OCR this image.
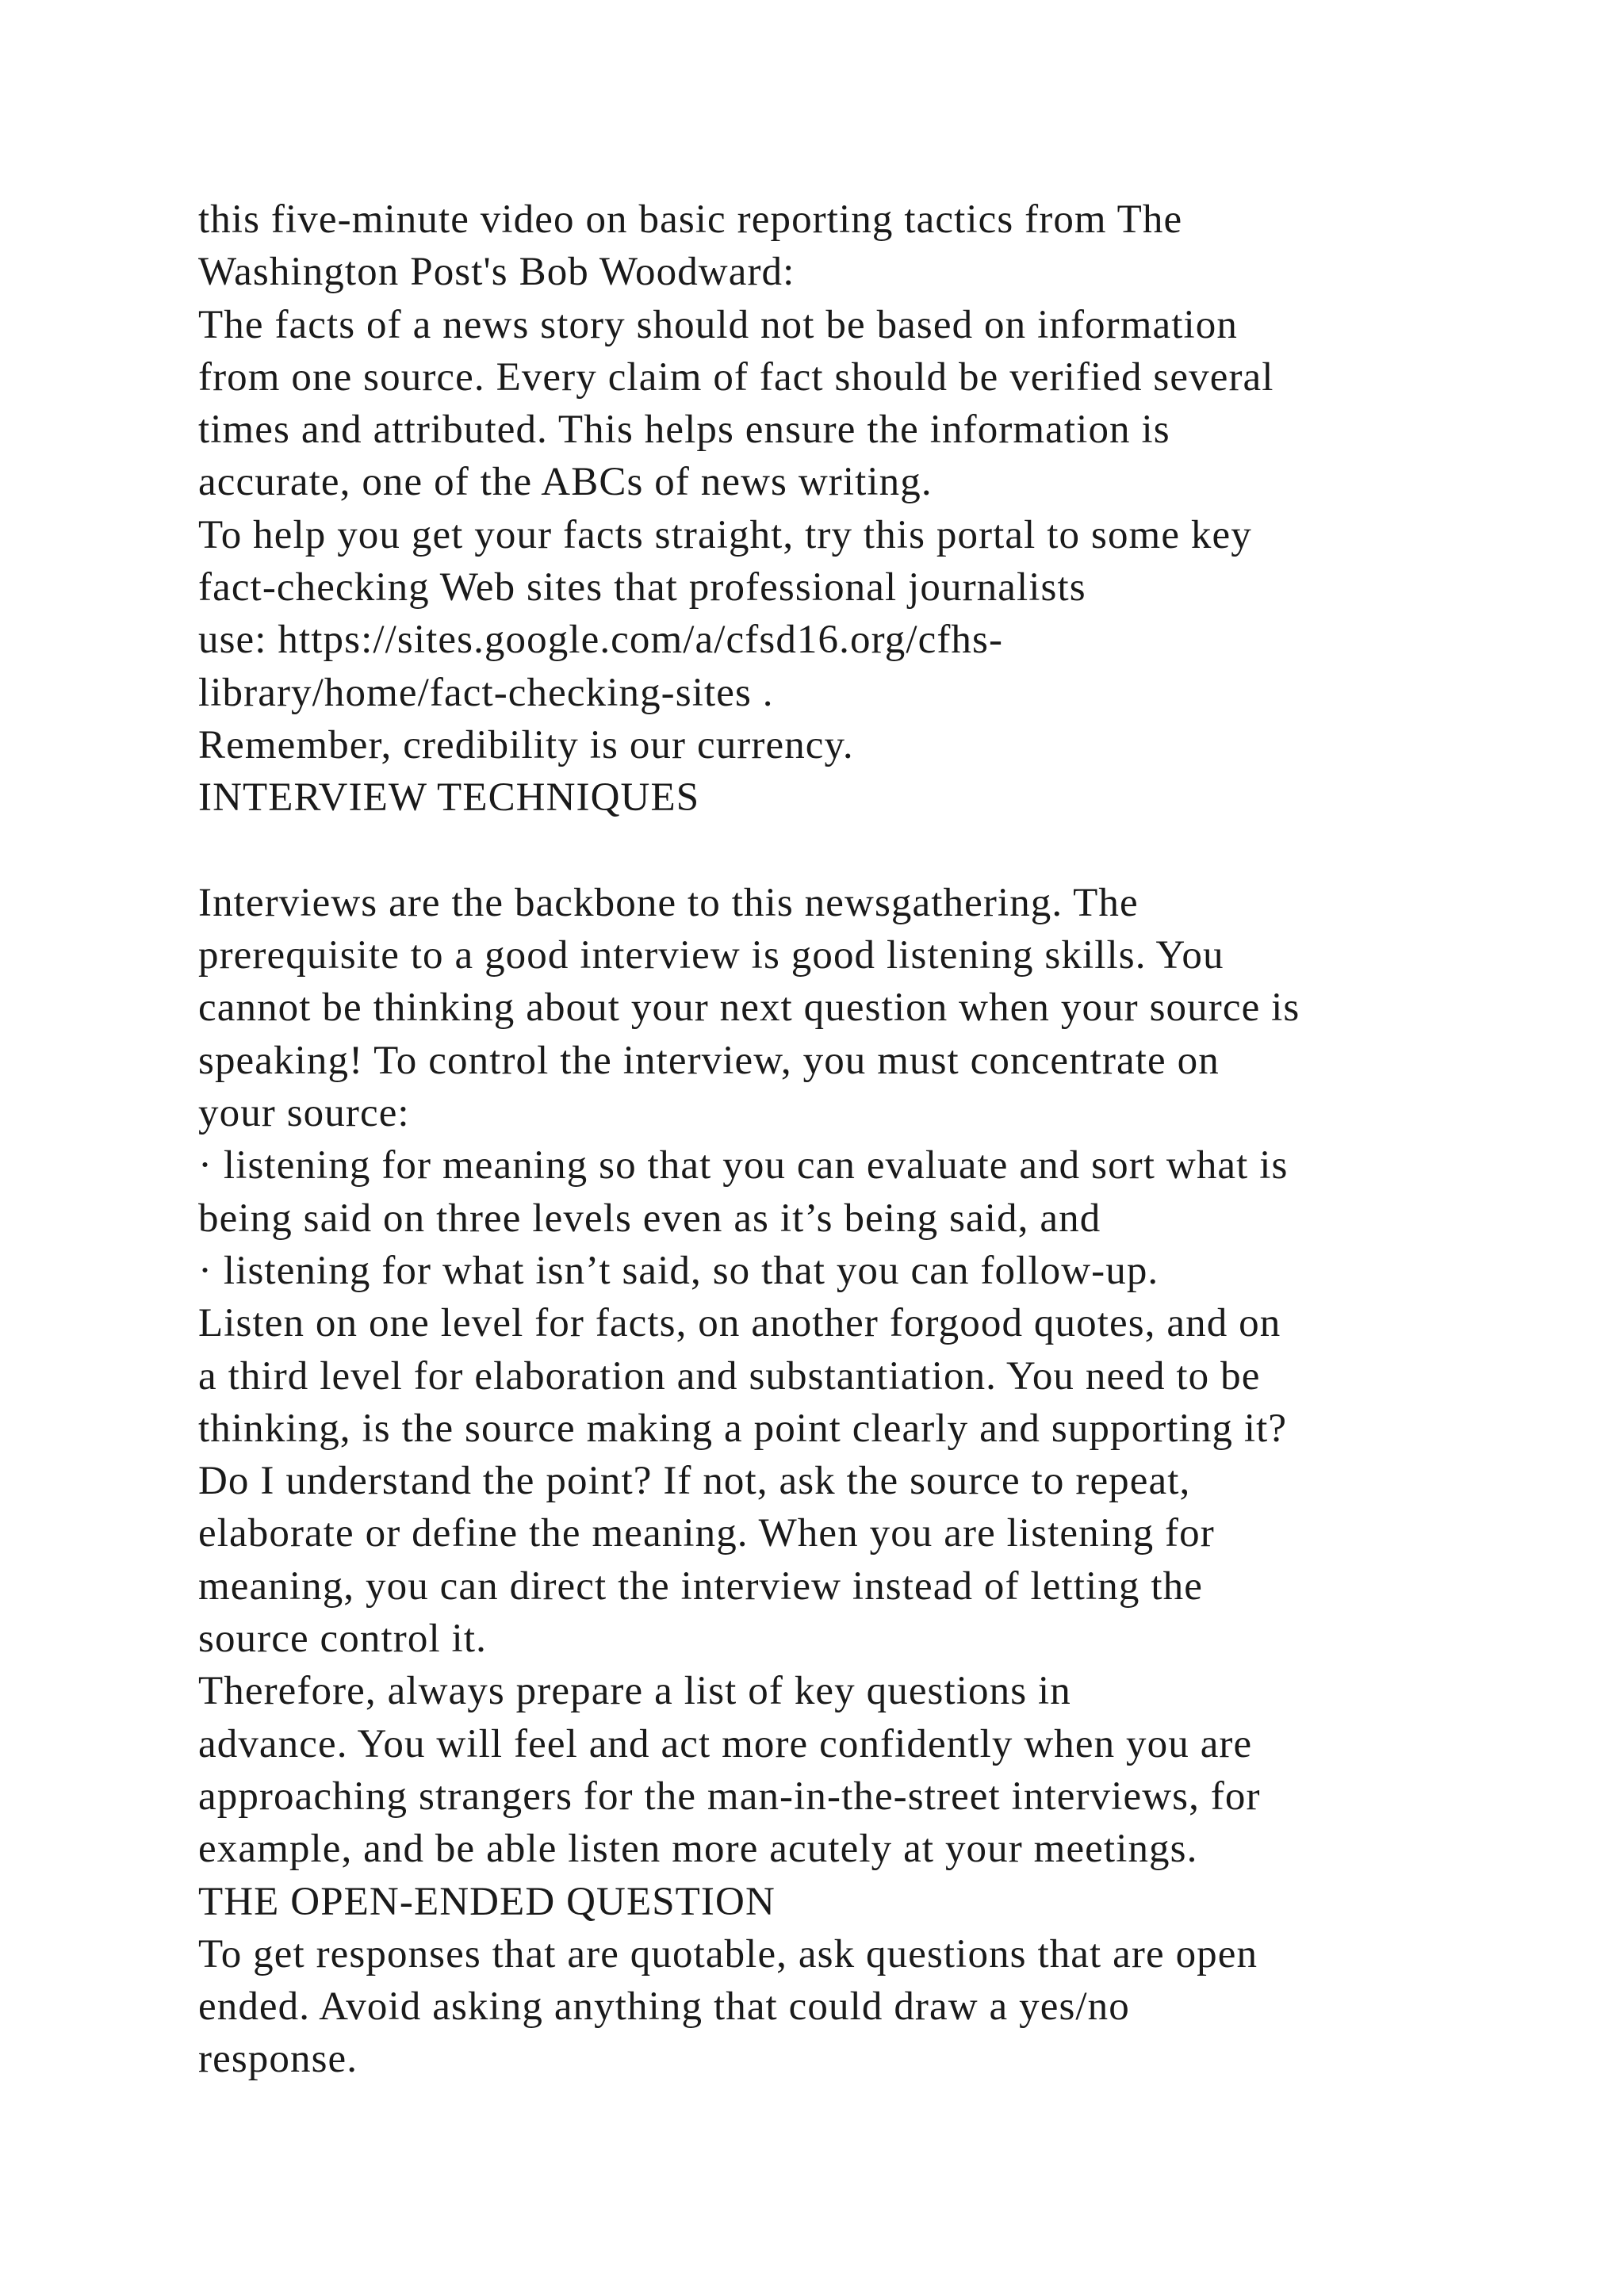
this five-minute video on basic reporting tactics from The
Washington Post's Bob Woodward:
The facts of a news story should not be based on information
from one source. Every claim of fact should be verified several
times and attributed. This helps ensure the information is
accurate, one of the ABCs of news writing.
To help you get your facts straight, try this portal to some key
fact-checking Web sites that professional journalists
use: https://sites.google.com/a/cfsd16.org/cfhs-
library/home/fact-checking-sites .
Remember, credibility is our currency.
INTERVIEW TECHNIQUES
Interviews are the backbone to this newsgathering. The
prerequisite to a good interview is good listening skills. You
cannot be thinking about your next question when your source is
speaking! To control the interview, you must concentrate on
your source:
· listening for meaning so that you can evaluate and sort what is
being said on three levels even as it’s being said, and
· listening for what isn’t said, so that you can follow-up.
Listen on one level for facts, on another forgood quotes, and on
a third level for elaboration and substantiation. You need to be
thinking, is the source making a point clearly and supporting it?
Do I understand the point? If not, ask the source to repeat,
elaborate or define the meaning. When you are listening for
meaning, you can direct the interview instead of letting the
source control it.
Therefore, always prepare a list of key questions in
advance. You will feel and act more confidently when you are
approaching strangers for the man-in-the-street interviews, for
example, and be able listen more acutely at your meetings.
THE OPEN-ENDED QUESTION
To get responses that are quotable, ask questions that are open
ended. Avoid asking anything that could draw a yes/no
response.
